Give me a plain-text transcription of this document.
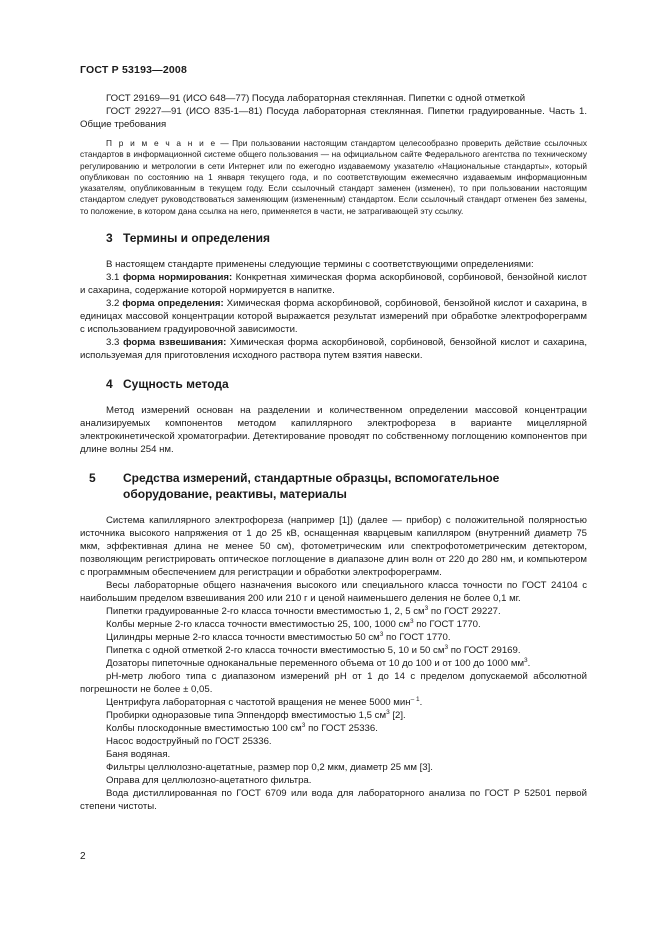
ГОСТ Р 53193—2008

ГОСТ 29169—91 (ИСО 648—77) Посуда лабораторная стеклянная. Пипетки с одной отметкой

ГОСТ 29227—91 (ИСО 835-1—81) Посуда лабораторная стеклянная. Пипетки градуированные. Часть 1. Общие требования

П р и м е ч а н и е — При пользовании настоящим стандартом целесообразно проверить действие ссылочных стандартов в информационной системе общего пользования — на официальном сайте Федерального агентства по техническому регулированию и метрологии в сети Интернет или по ежегодно издаваемому указателю «Национальные стандарты», который опубликован по состоянию на 1 января текущего года, и по соответствующим ежемесячно издаваемым информационным указателям, опубликованным в текущем году. Если ссылочный стандарт заменен (изменен), то при пользовании настоящим стандартом следует руководствоваться заменяющим (измененным) стандартом. Если ссылочный стандарт отменен без замены, то положение, в котором дана ссылка на него, применяется в части, не затрагивающей эту ссылку.

3 Термины и определения

В настоящем стандарте применены следующие термины с соответствующими определениями:

3.1 форма нормирования: Конкретная химическая форма аскорбиновой, сорбиновой, бензойной кислот и сахарина, содержание которой нормируется в напитке.

3.2 форма определения: Химическая форма аскорбиновой, сорбиновой, бензойной кислот и сахарина, в единицах массовой концентрации которой выражается результат измерений при обработке электрофореграмм с использованием градуировочной зависимости.

3.3 форма взвешивания: Химическая форма аскорбиновой, сорбиновой, бензойной кислот и сахарина, используемая для приготовления исходного раствора путем взятия навески.

4 Сущность метода

Метод измерений основан на разделении и количественном определении массовой концентрации анализируемых компонентов методом капиллярного электрофореза в варианте мицеллярной электрокинетической хроматографии. Детектирование проводят по собственному поглощению компонентов при длине волны 254 нм.

5 Средства измерений, стандартные образцы, вспомогательное оборудование, реактивы, материалы

Система капиллярного электрофореза (например [1]) (далее — прибор) с положительной полярностью источника высокого напряжения от 1 до 25 кВ, оснащенная кварцевым капилляром (внутренний диаметр 75 мкм, эффективная длина не менее 50 см), фотометрическим или спектрофотометрическим детектором, позволяющим регистрировать оптическое поглощение в диапазоне длин волн от 220 до 280 нм, и компьютером с программным обеспечением для регистрации и обработки электрофореграмм.

Весы лабораторные общего назначения высокого или специального класса точности по ГОСТ 24104 с наибольшим пределом взвешивания 200 или 210 г и ценой наименьшего деления не более 0,1 мг.

Пипетки градуированные 2-го класса точности вместимостью 1, 2, 5 $см^3$ по ГОСТ 29227.

Колбы мерные 2-го класса точности вместимостью 25, 100, 1000 $см^3$ по ГОСТ 1770.

Цилиндры мерные 2-го класса точности вместимостью 50 $см^3$ по ГОСТ 1770.

Пипетка с одной отметкой 2-го класса точности вместимостью 5, 10 и 50 $см^3$ по ГОСТ 29169.

Дозаторы пипеточные одноканальные переменного объема от 10 до 100 и от 100 до 1000 $мм^3$.

pH-метр любого типа с диапазоном измерений pH от 1 до 14 с пределом допускаемой абсолютной погрешности не более ± 0,05.

Центрифуга лабораторная с частотой вращения не менее 5000 мин$^{- 1}$.

Пробирки одноразовые типа Эппендорф вместимостью 1,5 $см^3$ [2].

Колбы плоскодонные вместимостью 100 $см^3$ по ГОСТ 25336.

Насос водоструйный по ГОСТ 25336.

Баня водяная.

Фильтры целлюлозно-ацетатные, размер пор 0,2 мкм, диаметр 25 мм [3].

Оправа для целлюлозно-ацетатного фильтра.

Вода дистиллированная по ГОСТ 6709 или вода для лабораторного анализа по ГОСТ Р 52501 первой степени чистоты.

2
